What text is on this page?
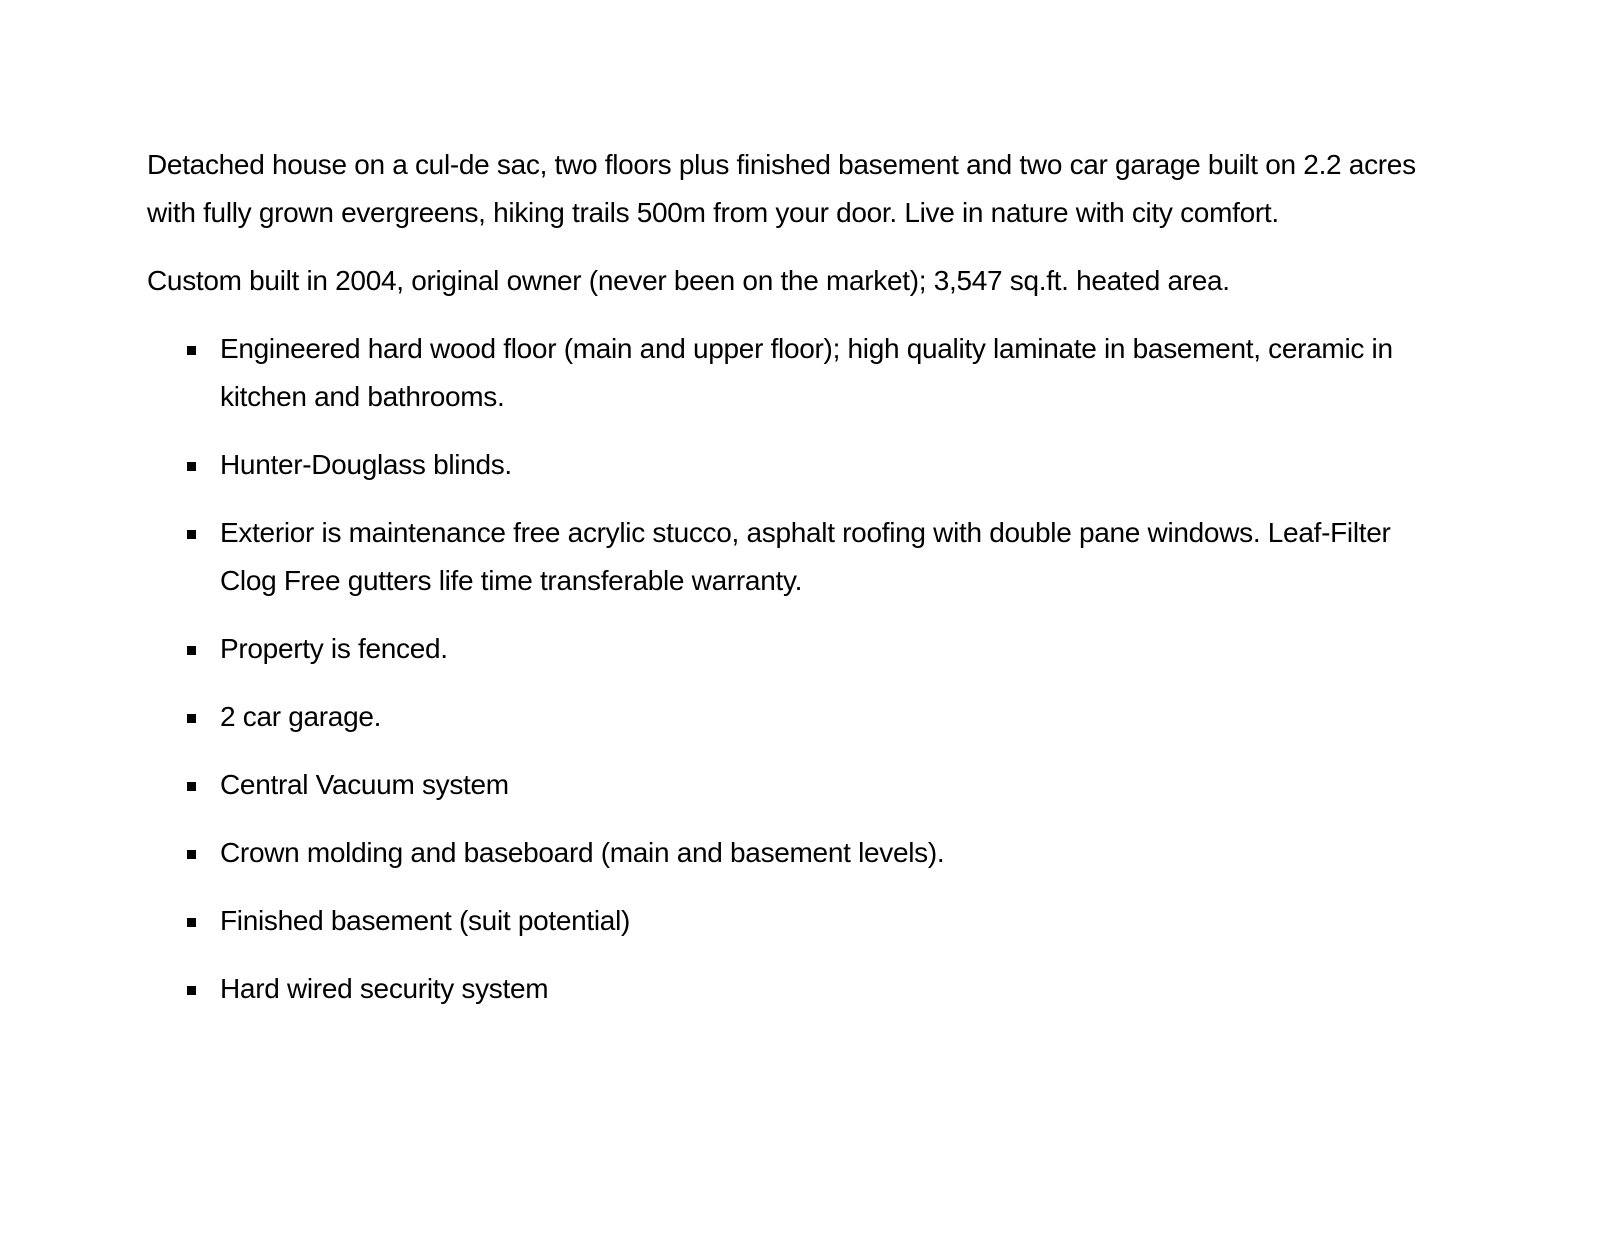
Detached house on a cul-de sac, two floors plus finished basement and two car garage built on 2.2 acres with fully grown evergreens, hiking trails 500m from your door. Live in nature with city comfort.

Custom built in 2004, original owner (never been on the market); 3,547 sq.ft. heated area.

Engineered hard wood floor (main and upper floor); high quality laminate in basement, ceramic in kitchen and bathrooms.
Hunter-Douglass blinds.
Exterior is maintenance free acrylic stucco, asphalt roofing with double pane windows. Leaf-Filter Clog Free gutters life time transferable warranty.
Property is fenced.
2 car garage.
Central Vacuum system
Crown molding and baseboard (main and basement levels).
Finished basement (suit potential)
Hard wired security system
